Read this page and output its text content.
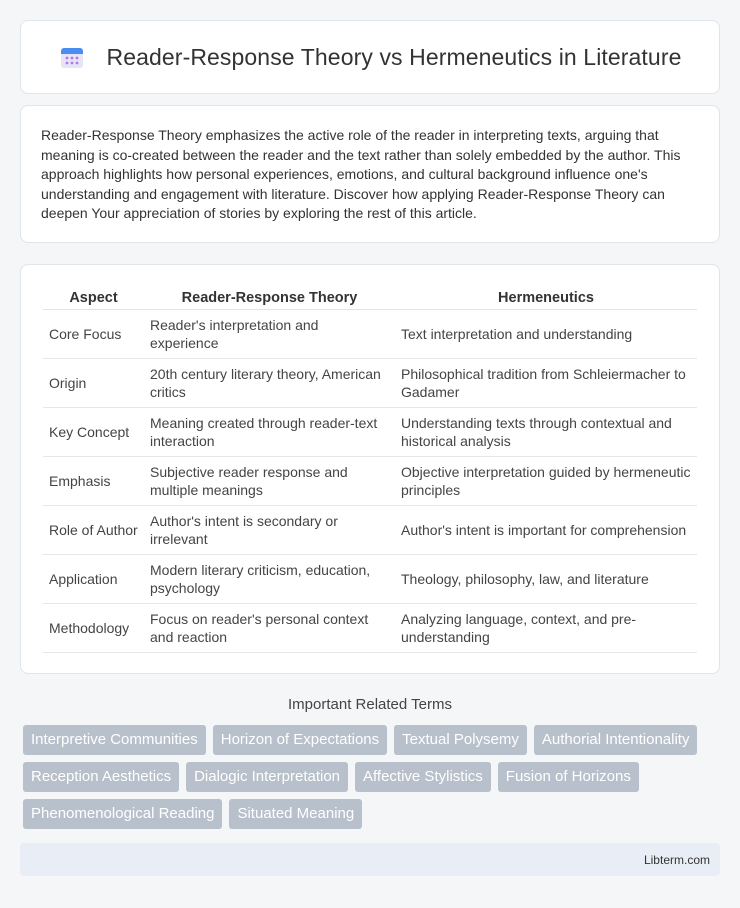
Reader-Response Theory vs Hermeneutics in Literature

Reader-Response Theory emphasizes the active role of the reader in interpreting texts, arguing that meaning is co-created between the reader and the text rather than solely embedded by the author. This approach highlights how personal experiences, emotions, and cultural background influence one's understanding and engagement with literature. Discover how applying Reader-Response Theory can deepen Your appreciation of stories by exploring the rest of this article.

Aspect	Reader-Response Theory	Hermeneutics
Core Focus	Reader's interpretation and experience	Text interpretation and understanding
Origin	20th century literary theory, American critics	Philosophical tradition from Schleiermacher to Gadamer
Key Concept	Meaning created through reader-text interaction	Understanding texts through contextual and historical analysis
Emphasis	Subjective reader response and multiple meanings	Objective interpretation guided by hermeneutic principles
Role of Author	Author's intent is secondary or irrelevant	Author's intent is important for comprehension
Application	Modern literary criticism, education, psychology	Theology, philosophy, law, and literature
Methodology	Focus on reader's personal context and reaction	Analyzing language, context, and pre-understanding
Important Related Terms
Interpretive Communities	Horizon of Expectations	Textual Polysemy	Authorial Intentionality
Reception Aesthetics	Dialogic Interpretation	Affective Stylistics	Fusion of Horizons
Phenomenological Reading	Situated Meaning
Libterm.com
